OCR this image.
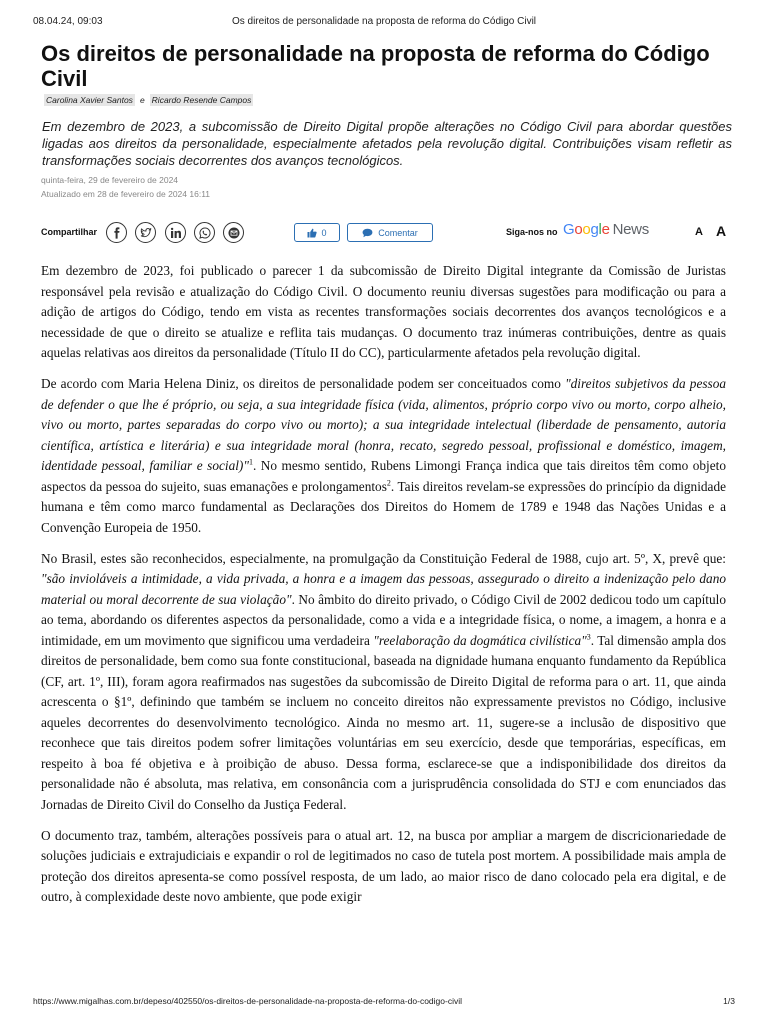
08.04.24, 09:03	Os direitos de personalidade na proposta de reforma do Código Civil
Os direitos de personalidade na proposta de reforma do Código Civil
Carolina Xavier Santos e Ricardo Resende Campos

Em dezembro de 2023, a subcomissão de Direito Digital propõe alterações no Código Civil para abordar questões ligadas aos direitos da personalidade, especialmente afetados pela revolução digital. Contribuições visam refletir as transformações sociais decorrentes dos avanços tecnológicos.

quinta-feira, 29 de fevereiro de 2024
Atualizado em 28 de fevereiro de 2024 16:11
Compartilhar	0	Comentar	Siga-nos no Google News	A A

Em dezembro de 2023, foi publicado o parecer 1 da subcomissão de Direito Digital integrante da Comissão de Juristas responsável pela revisão e atualização do Código Civil. O documento reuniu diversas sugestões para modificação ou para a adição de artigos do Código, tendo em vista as recentes transformações sociais decorrentes dos avanços tecnológicos e a necessidade de que o direito se atualize e reflita tais mudanças. O documento traz inúmeras contribuições, dentre as quais aquelas relativas aos direitos da personalidade (Título II do CC), particularmente afetados pela revolução digital.

De acordo com Maria Helena Diniz, os direitos de personalidade podem ser conceituados como "direitos subjetivos da pessoa de defender o que lhe é próprio, ou seja, a sua integridade física (vida, alimentos, próprio corpo vivo ou morto, corpo alheio, vivo ou morto, partes separadas do corpo vivo ou morto); a sua integridade intelectual (liberdade de pensamento, autoria científica, artística e literária) e sua integridade moral (honra, recato, segredo pessoal, profissional e doméstico, imagem, identidade pessoal, familiar e social)"$^1$. No mesmo sentido, Rubens Limongi França indica que tais direitos têm como objeto aspectos da pessoa do sujeito, suas emanações e prolongamentos$^2$. Tais direitos revelam-se expressões do princípio da dignidade humana e têm como marco fundamental as Declarações dos Direitos do Homem de 1789 e 1948 das Nações Unidas e a Convenção Europeia de 1950.

No Brasil, estes são reconhecidos, especialmente, na promulgação da Constituição Federal de 1988, cujo art. 5º, X, prevê que: "são invioláveis a intimidade, a vida privada, a honra e a imagem das pessoas, assegurado o direito a indenização pelo dano material ou moral decorrente de sua violação". No âmbito do direito privado, o Código Civil de 2002 dedicou todo um capítulo ao tema, abordando os diferentes aspectos da personalidade, como a vida e a integridade física, o nome, a imagem, a honra e a intimidade, em um movimento que significou uma verdadeira "reelaboração da dogmática civilística"$^3$. Tal dimensão ampla dos direitos de personalidade, bem como sua fonte constitucional, baseada na dignidade humana enquanto fundamento da República (CF, art. 1º, III), foram agora reafirmados nas sugestões da subcomissão de Direito Digital de reforma para o art. 11, que ainda acrescenta o §1º, definindo que também se incluem no conceito direitos não expressamente previstos no Código, inclusive aqueles decorrentes do desenvolvimento tecnológico. Ainda no mesmo art. 11, sugere-se a inclusão de dispositivo que reconhece que tais direitos podem sofrer limitações voluntárias em seu exercício, desde que temporárias, específicas, em respeito à boa fé objetiva e à proibição de abuso. Dessa forma, esclarece-se que a indisponibilidade dos direitos da personalidade não é absoluta, mas relativa, em consonância com a jurisprudência consolidada do STJ e com enunciados das Jornadas de Direito Civil do Conselho da Justiça Federal.

O documento traz, também, alterações possíveis para o atual art. 12, na busca por ampliar a margem de discricionariedade de soluções judiciais e extrajudiciais e expandir o rol de legitimados no caso de tutela post mortem. A possibilidade mais ampla de proteção dos direitos apresenta-se como possível resposta, de um lado, ao maior risco de dano colocado pela era digital, e de outro, à complexidade deste novo ambiente, que pode exigir

https://www.migalhas.com.br/depeso/402550/os-direitos-de-personalidade-na-proposta-de-reforma-do-codigo-civil	1/3
